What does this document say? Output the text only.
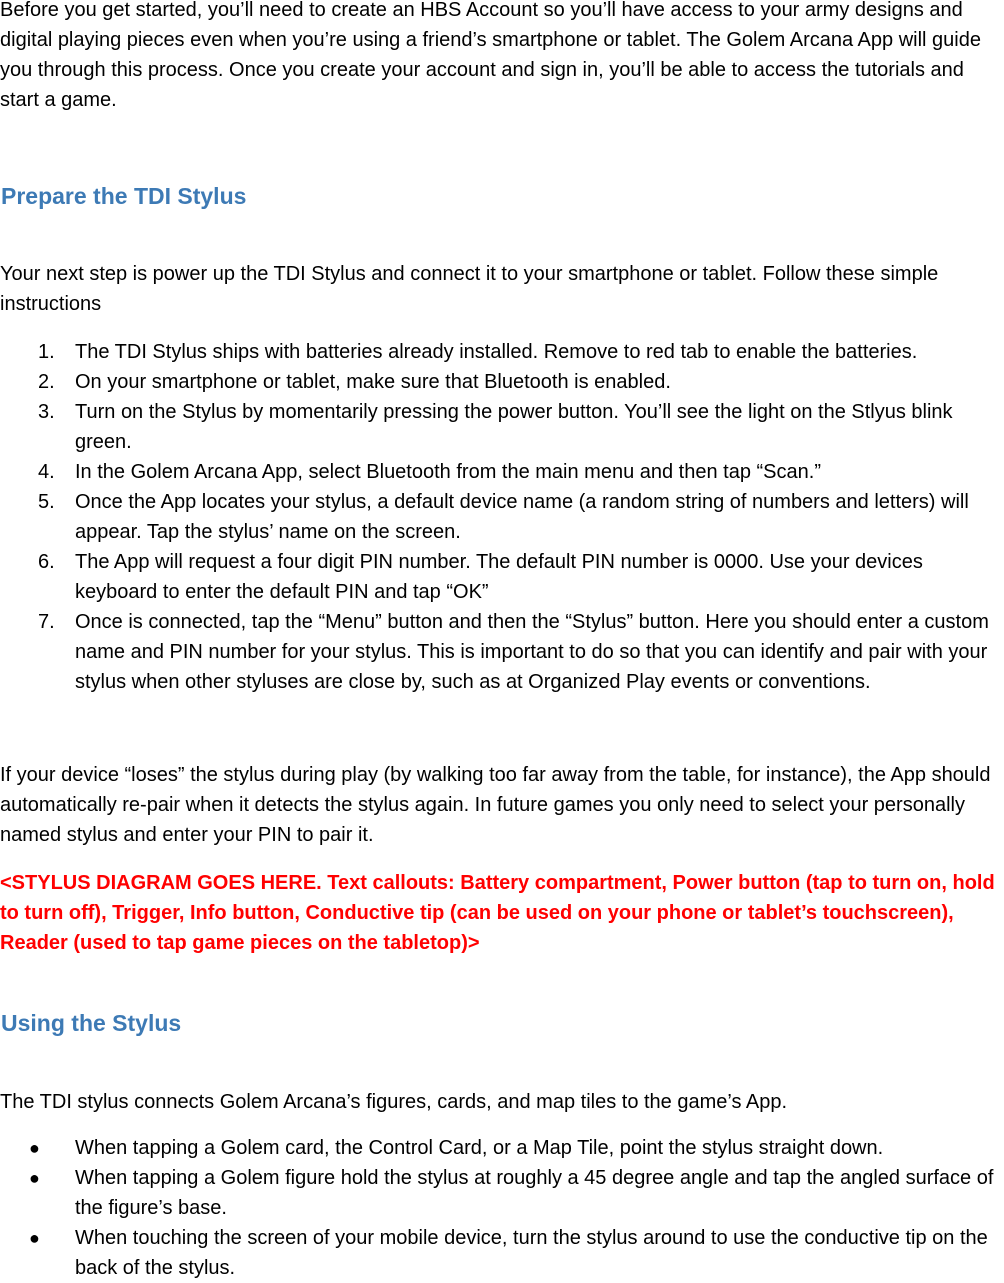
Before you get started, you’ll need to create an HBS Account so you’ll have access to your army designs and digital playing pieces even when you’re using a friend’s smartphone or tablet. The Golem Arcana App will guide you through this process. Once you create your account and sign in, you’ll be able to access the tutorials and start a game.

Prepare the TDI Stylus

Your next step is power up the TDI Stylus and connect it to your smartphone or tablet. Follow these simple instructions

1. The TDI Stylus ships with batteries already installed. Remove to red tab to enable the batteries.
2. On your smartphone or tablet, make sure that Bluetooth is enabled.
3. Turn on the Stylus by momentarily pressing the power button. You’ll see the light on the Stlyus blink green.
4. In the Golem Arcana App, select Bluetooth from the main menu and then tap “Scan.”
5. Once the App locates your stylus, a default device name (a random string of numbers and letters) will appear. Tap the stylus’ name on the screen.
6. The App will request a four digit PIN number. The default PIN number is 0000. Use your devices keyboard to enter the default PIN and tap “OK”
7. Once is connected, tap the “Menu” button and then the “Stylus” button. Here you should enter a custom name and PIN number for your stylus. This is important to do so that you can identify and pair with your stylus when other styluses are close by, such as at Organized Play events or conventions.

If your device “loses” the stylus during play (by walking too far away from the table, for instance), the App should automatically re-pair when it detects the stylus again. In future games you only need to select your personally named stylus and enter your PIN to pair it.

<STYLUS DIAGRAM GOES HERE. Text callouts: Battery compartment, Power button (tap to turn on, hold to turn off), Trigger, Info button, Conductive tip (can be used on your phone or tablet’s touchscreen), Reader (used to tap game pieces on the tabletop)>

Using the Stylus

The TDI stylus connects Golem Arcana’s figures, cards, and map tiles to the game’s App.

● When tapping a Golem card, the Control Card, or a Map Tile, point the stylus straight down.
● When tapping a Golem figure hold the stylus at roughly a 45 degree angle and tap the angled surface of the figure’s base.
● When touching the screen of your mobile device, turn the stylus around to use the conductive tip on the back of the stylus.
